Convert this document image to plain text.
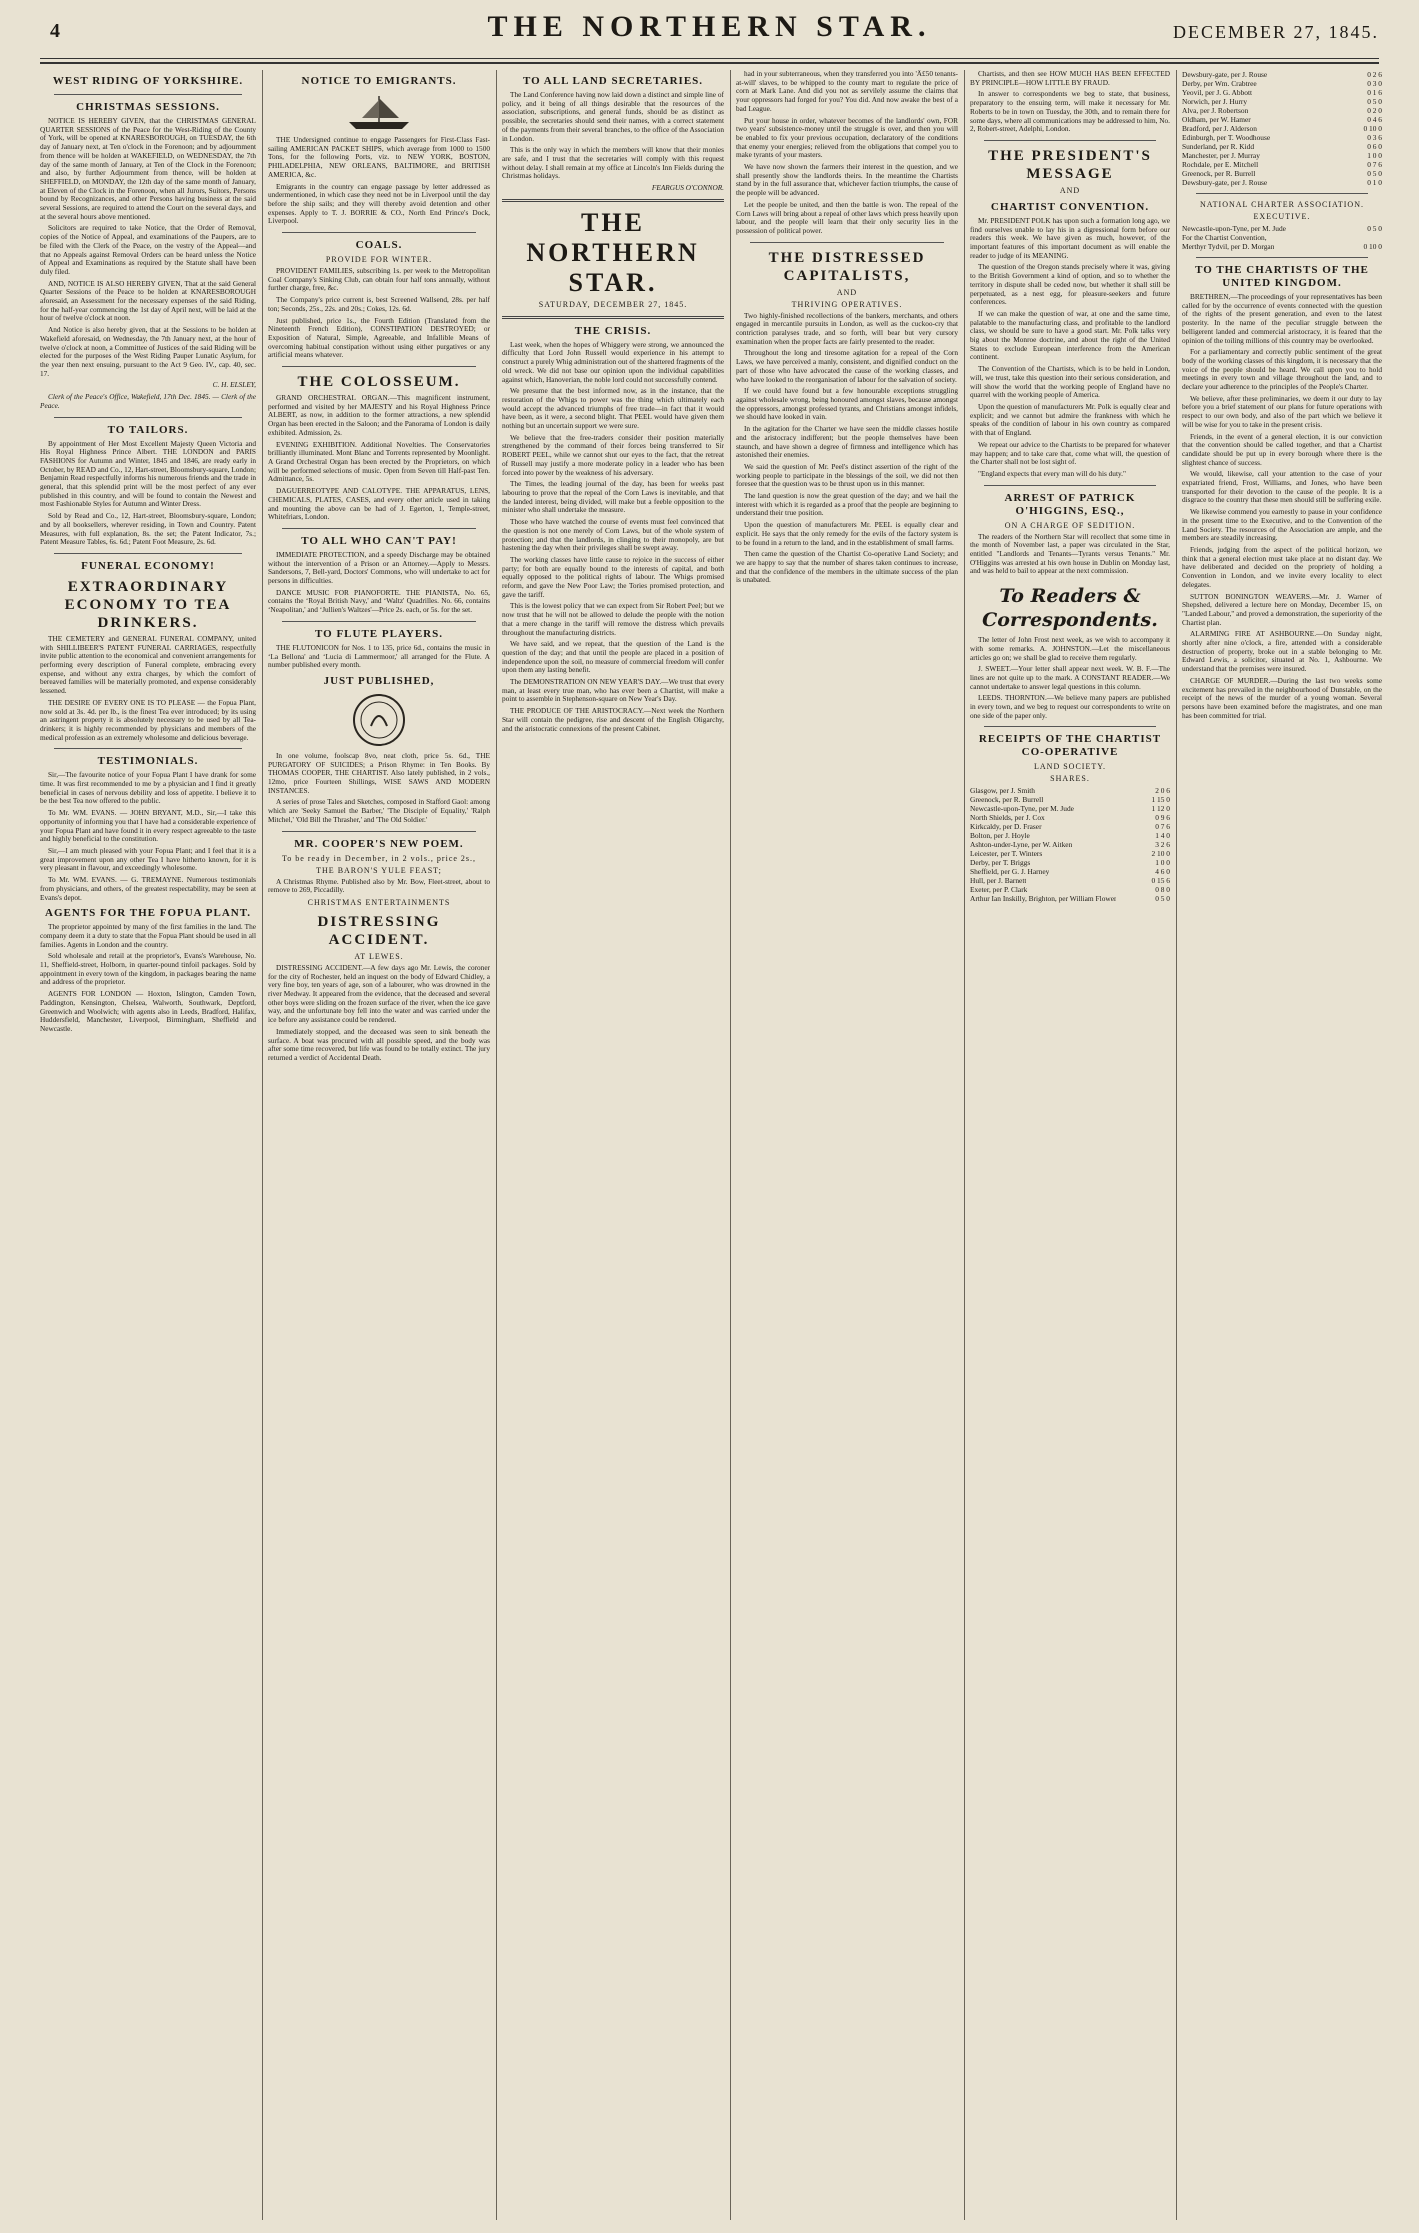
4	THE NORTHERN STAR.	DECEMBER 27, 1845.
WEST RIDING OF YORKSHIRE.
CHRISTMAS SESSIONS.

NOTICE IS HEREBY GIVEN, that the CHRISTMAS GENERAL QUARTER SESSIONS of the Peace for the West-Riding of the County of York, will be opened at KNARESBOROUGH, on TUESDAY, the 6th day of January next, at Ten o'clock in the Forenoon; and by adjournment from thence will be holden at WAKEFIELD, on WEDNESDAY, the 7th day of the same month of January, at Ten of the Clock in the Forenoon; and also, by further Adjournment from thence, will be holden at SHEFFIELD, on MONDAY, the 12th day of the same month of January, at Eleven of the Clock in the Forenoon, when all Jurors, Suitors, Persons bound by Recognizances, and other Persons having business at the said several Sessions, are required to attend the Court on the several days, and at the several hours above mentioned.

Solicitors are required to take Notice, that the Order of Removal, copies of the Notice of Appeal, and examinations of the Paupers, are to be filed with the Clerk of the Peace, on the vestry of the Appeal—and that no Appeals against Removal Orders can be heard unless the Notice of Appeal and Examinations as required by the Statute shall have been duly filed.

AND, NOTICE IS ALSO HEREBY GIVEN, That at the said General Quarter Sessions of the Peace to be holden at KNARESBOROUGH aforesaid, an Assessment for the necessary expenses of the said Riding, for the half-year commencing the 1st day of April next, will be laid at the hour of twelve o'clock at noon.

And Notice is also hereby given, that at the Sessions to be holden at Wakefield aforesaid, on Wednesday, the 7th January next, at the hour of twelve o'clock at noon, a Committee of Justices of the said Riding will be elected for the purposes of the West Riding Pauper Lunatic Asylum, for the year then next ensuing, pursuant to the Act 9 Geo. IV., cap. 40, sec. 17.

C. H. ELSLEY,

Clerk of the Peace's Office, Wakefield, 17th Dec. 1845. — Clerk of the Peace.

TO TAILORS.

By appointment of Her Most Excellent Majesty Queen Victoria and His Royal Highness Prince Albert. THE LONDON and PARIS FASHIONS for Autumn and Winter, 1845 and 1846, are ready early in October, by READ and Co., 12, Hart-street, Bloomsbury-square, London; Benjamin Read respectfully informs his numerous friends and the trade in general, that this splendid print will be the most perfect of any ever published in this country, and will be found to contain the Newest and most Fashionable Styles for Autumn and Winter Dress.

Sold by Read and Co., 12, Hart-street, Bloomsbury-square, London; and by all booksellers, wherever residing, in Town and Country. Patent Measures, with full explanation, 8s. the set; the Patent Indicator, 7s.; Patent Measure Tables, 6s. 6d.; Patent Foot Measure, 2s. 6d.

FUNERAL ECONOMY!
EXTRAORDINARY ECONOMY TO TEA DRINKERS.

THE CEMETERY and GENERAL FUNERAL COMPANY, united with SHILLIBEER'S PATENT FUNERAL CARRIAGES, respectfully invite public attention to the economical and convenient arrangements for performing every description of Funeral complete, embracing every expense, and without any extra charges, by which the comfort of bereaved families will be materially promoted, and expense considerably lessened.

THE DESIRE OF EVERY ONE IS TO PLEASE — the Fopua Plant, now sold at 3s. 4d. per lb., is the finest Tea ever introduced; by its using an astringent property it is absolutely necessary to be used by all Tea-drinkers; it is highly recommended by physicians and members of the medical profession as an extremely wholesome and delicious beverage.

TESTIMONIALS.

Sir,—The favourite notice of your Fopua Plant I have drank for some time. It was first recommended to me by a physician and I find it greatly beneficial in cases of nervous debility and loss of appetite. I believe it to be the best Tea now offered to the public.

To Mr. WM. EVANS. — JOHN BRYANT, M.D., Sir,—I take this opportunity of informing you that I have had a considerable experience of your Fopua Plant and have found it in every respect agreeable to the taste and highly beneficial to the constitution.

Sir,—I am much pleased with your Fopua Plant; and I feel that it is a great improvement upon any other Tea I have hitherto known, for it is very pleasant in flavour, and exceedingly wholesome.

To Mr. WM. EVANS. — G. TREMAYNE. Numerous testimonials from physicians, and others, of the greatest respectability, may be seen at Evans's depot.

AGENTS FOR THE FOPUA PLANT.

The proprietor appointed by many of the first families in the land. The company deem it a duty to state that the Fopua Plant should be used in all families. Agents in London and the country.

Sold wholesale and retail at the proprietor's, Evans's Warehouse, No. 11, Sheffield-street, Holborn, in quarter-pound tinfoil packages. Sold by appointment in every town of the kingdom, in packages bearing the name and address of the proprietor.

AGENTS FOR LONDON — Hoxton, Islington, Camden Town, Paddington, Kensington, Chelsea, Walworth, Southwark, Deptford, Greenwich and Woolwich; with agents also in Leeds, Bradford, Halifax, Huddersfield, Manchester, Liverpool, Birmingham, Sheffield and Newcastle.

NOTICE TO EMIGRANTS.

THE Undersigned continue to engage Passengers for First-Class Fast-sailing AMERICAN PACKET SHIPS, which average from 1000 to 1500 Tons, for the following Ports, viz. to NEW YORK, BOSTON, PHILADELPHIA, NEW ORLEANS, BALTIMORE, and BRITISH AMERICA, &c.

Emigrants in the country can engage passage by letter addressed as undermentioned, in which case they need not be in Liverpool until the day before the ship sails; and they will thereby avoid detention and other expenses. Apply to T. J. BORRIE & CO., North End Prince's Dock, Liverpool.

COALS.
PROVIDE FOR WINTER.

PROVIDENT FAMILIES, subscribing 1s. per week to the Metropolitan Coal Company's Sinking Club, can obtain four half tons annually, without further charge, free, &c.

The Company's price current is, best Screened Wallsend, 28s. per half ton; Seconds, 25s., 22s. and 20s.; Cokes, 12s. 6d.

Just published, price 1s., the Fourth Edition (Translated from the Nineteenth French Edition), CONSTIPATION DESTROYED; or Exposition of Natural, Simple, Agreeable, and Infallible Means of overcoming habitual constipation without using either purgatives or any artificial means whatever.

THE COLOSSEUM.

GRAND ORCHESTRAL ORGAN.—This magnificent instrument, performed and visited by her MAJESTY and his Royal Highness Prince ALBERT, as now, in addition to the former attractions, a new splendid Organ has been erected in the Saloon; and the Panorama of London is daily exhibited. Admission, 2s.

EVENING EXHIBITION. Additional Novelties. The Conservatories brilliantly illuminated. Mont Blanc and Torrents represented by Moonlight. A Grand Orchestral Organ has been erected by the Proprietors, on which will be performed selections of music. Open from Seven till Half-past Ten. Admittance, 5s.

DAGUERREOTYPE AND CALOTYPE. THE APPARATUS, LENS, CHEMICALS, PLATES, CASES, and every other article used in taking and mounting the above can be had of J. Egerton, 1, Temple-street, Whitefriars, London.

TO ALL WHO CAN'T PAY!

IMMEDIATE PROTECTION, and a speedy Discharge may be obtained without the intervention of a Prison or an Attorney.—Apply to Messrs. Sandersons, 7, Bell-yard, Doctors' Commons, who will undertake to act for persons in difficulties.

DANCE MUSIC FOR PIANOFORTE. THE PIANISTA, No. 65, contains the ‘Royal British Navy,' and ‘Waltz' Quadrilles. No. 66, contains ‘Neapolitan,' and ‘Jullien's Waltzes'—Price 2s. each, or 5s. for the set.

TO FLUTE PLAYERS.

THE FLUTONICON for Nos. 1 to 135, price 6d., contains the music in ‘La Bellona' and ‘Lucia di Lammermoor,' all arranged for the Flute. A number published every month.

JUST PUBLISHED,

In one volume, foolscap 8vo, neat cloth, price 5s. 6d., THE PURGATORY OF SUICIDES; a Prison Rhyme: in Ten Books. By THOMAS COOPER, THE CHARTIST. Also lately published, in 2 vols., 12mo, price Fourteen Shillings, WISE SAWS AND MODERN INSTANCES.

A series of prose Tales and Sketches, composed in Stafford Gaol: among which are 'Seeky Samuel the Barber,' 'The Disciple of Equality,' 'Ralph Mitchel,' 'Old Bill the Thrasher,' and 'The Old Soldier.'

MR. COOPER'S NEW POEM.
To be ready in December, in 2 vols., price 2s.,
THE BARON'S YULE FEAST;

A Christmas Rhyme. Published also by Mr. Bow, Fleet-street, about to remove to 269, Piccadilly.

CHRISTMAS ENTERTAINMENTS
DISTRESSING ACCIDENT.
AT LEWES.

DISTRESSING ACCIDENT.—A few days ago Mr. Lewis, the coroner for the city of Rochester, held an inquest on the body of Edward Chidley, a very fine boy, ten years of age, son of a labourer, who was drowned in the river Medway. It appeared from the evidence, that the deceased and several other boys were sliding on the frozen surface of the river, when the ice gave way, and the unfortunate boy fell into the water and was carried under the ice before any assistance could be rendered.

Immediately stopped, and the deceased was seen to sink beneath the surface. A boat was procured with all possible speed, and the body was after some time recovered, but life was found to be totally extinct. The jury returned a verdict of Accidental Death.

TO ALL LAND SECRETARIES.

The Land Conference having now laid down a distinct and simple line of policy, and it being of all things desirable that the resources of the association, subscriptions, and general funds, should be as distinct as possible, the secretaries should send their names, with a correct statement of the payments from their several branches, to the office of the Association in London.

This is the only way in which the members will know that their monies are safe, and I trust that the secretaries will comply with this request without delay. I shall remain at my office at Lincoln's Inn Fields during the Christmas holidays.

FEARGUS O'CONNOR.

THE NORTHERN STAR.
SATURDAY, DECEMBER 27, 1845.
THE CRISIS.

Last week, when the hopes of Whiggery were strong, we announced the difficulty that Lord John Russell would experience in his attempt to construct a purely Whig administration out of the shattered fragments of the old wreck. We did not base our opinion upon the individual capabilities against which, Hanoverian, the noble lord could not successfully contend.

We presume that the best informed now, as in the instance, that the restoration of the Whigs to power was the thing which ultimately each would accept the advanced triumphs of free trade—in fact that it would have been, as it were, a second blight. That PEEL would have given them nothing but an uncertain support we were sure.

We believe that the free-traders consider their position materially strengthened by the command of their forces being transferred to Sir ROBERT PEEL, while we cannot shut our eyes to the fact, that the retreat of Russell may justify a more moderate policy in a leader who has been forced into power by the weakness of his adversary.

The Times, the leading journal of the day, has been for weeks past labouring to prove that the repeal of the Corn Laws is inevitable, and that the landed interest, being divided, will make but a feeble opposition to the minister who shall undertake the measure.

Those who have watched the course of events must feel convinced that the question is not one merely of Corn Laws, but of the whole system of protection; and that the landlords, in clinging to their monopoly, are but hastening the day when their privileges shall be swept away.

The working classes have little cause to rejoice in the success of either party; for both are equally bound to the interests of capital, and both equally opposed to the political rights of labour. The Whigs promised reform, and gave the New Poor Law; the Tories promised protection, and gave the tariff.

This is the lowest policy that we can expect from Sir Robert Peel; but we now trust that he will not be allowed to delude the people with the notion that a mere change in the tariff will remove the distress which prevails throughout the manufacturing districts.

We have said, and we repeat, that the question of the Land is the question of the day; and that until the people are placed in a position of independence upon the soil, no measure of commercial freedom will confer upon them any lasting benefit.

The DEMONSTRATION ON NEW YEAR'S DAY.—We trust that every man, at least every true man, who has ever been a Chartist, will make a point to assemble in Stephenson-square on New Year's Day.

THE PRODUCE OF THE ARISTOCRACY.—Next week the Northern Star will contain the pedigree, rise and descent of the English Oligarchy, and the aristocratic connexions of the present Cabinet.

had in your subterraneous, when they transferred you into 'Â£50 tenants-at-will' slaves, to be whipped to the county mart to regulate the price of corn at Mark Lane. And did you not as servilely assume the claims that your oppressors had forged for you? You did. And now awake the best of a bad League.

Put your house in order, whatever becomes of the landlords' own, FOR two years' subsistence-money until the struggle is over, and then you will be enabled to fix your previous occupation, declaratory of the conditions that enemy your energies; relieved from the obligations that compel you to make tyrants of your masters.

We have now shown the farmers their interest in the question, and we shall presently show the landlords theirs. In the meantime the Chartists stand by in the full assurance that, whichever faction triumphs, the cause of the people will be advanced.

Let the people be united, and then the battle is won. The repeal of the Corn Laws will bring about a repeal of other laws which press heavily upon labour, and the people will learn that their only security lies in the possession of political power.

THE DISTRESSED CAPITALISTS,
AND
THRIVING OPERATIVES.

Two highly-finished recollections of the bankers, merchants, and others engaged in mercantile pursuits in London, as well as the cuckoo-cry that contriction paralyses trade, and so forth, will bear but very cursory examination when the proper facts are fairly presented to the reader.

Throughout the long and tiresome agitation for a repeal of the Corn Laws, we have perceived a manly, consistent, and dignified conduct on the part of those who have advocated the cause of the working classes, and who have looked to the reorganisation of labour for the salvation of society.

If we could have found but a few honourable exceptions struggling against wholesale wrong, being honoured amongst slaves, because amongst the oppressors, amongst professed tyrants, and Christians amongst infidels, we should have looked in vain.

In the agitation for the Charter we have seen the middle classes hostile and the aristocracy indifferent; but the people themselves have been staunch, and have shown a degree of firmness and intelligence which has astonished their enemies.

We said the question of Mr. Peel's distinct assertion of the right of the working people to participate in the blessings of the soil, we did not then foresee that the question was to be thrust upon us in this manner.

The land question is now the great question of the day; and we hail the interest with which it is regarded as a proof that the people are beginning to understand their true position.

Upon the question of manufacturers Mr. PEEL is equally clear and explicit. He says that the only remedy for the evils of the factory system is to be found in a return to the land, and in the establishment of small farms.

Then came the question of the Chartist Co-operative Land Society; and we are happy to say that the number of shares taken continues to increase, and that the confidence of the members in the ultimate success of the plan is unabated.

Chartists, and then see HOW MUCH HAS BEEN EFFECTED BY PRINCIPLE—HOW LITTLE BY FRAUD.

In answer to correspondents we beg to state, that business, preparatory to the ensuing term, will make it necessary for Mr. Roberts to be in town on Tuesday, the 30th, and to remain there for some days, where all communications may be addressed to him, No. 2, Robert-street, Adelphi, London.

THE PRESIDENT'S MESSAGE
AND
CHARTIST CONVENTION.

Mr. PRESIDENT POLK has upon such a formation long ago, we find ourselves unable to lay his in a digressional form before our readers this week. We have given as much, however, of the important features of this important document as will enable the reader to judge of its MEANING.

The question of the Oregon stands precisely where it was, giving to the British Government a kind of option, and so to whether the territory in dispute shall be ceded now, but whether it shall still be perpetuated, as a nest egg, for pleasure-seekers and future conferences.

If we can make the question of war, at one and the same time, palatable to the manufacturing class, and profitable to the landlord class, we should be sure to have a good start. Mr. Polk talks very big about the Monroe doctrine, and about the right of the United States to exclude European interference from the American continent.

The Convention of the Chartists, which is to be held in London, will, we trust, take this question into their serious consideration, and will show the world that the working people of England have no quarrel with the working people of America.

Upon the question of manufacturers Mr. Polk is equally clear and explicit; and we cannot but admire the frankness with which he speaks of the condition of labour in his own country as compared with that of England.

We repeat our advice to the Chartists to be prepared for whatever may happen; and to take care that, come what will, the question of the Charter shall not be lost sight of.

"England expects that every man will do his duty."

ARREST OF PATRICK O'HIGGINS, ESQ.,
ON A CHARGE OF SEDITION.

The readers of the Northern Star will recollect that some time in the month of November last, a paper was circulated in the Star, entitled "Landlords and Tenants—Tyrants versus Tenants." Mr. O'Higgins was arrested at his own house in Dublin on Monday last, and was held to bail to appear at the next commission.

To Readers & Correspondents.

The letter of John Frost next week, as we wish to accompany it with some remarks. A. JOHNSTON.—Let the miscellaneous articles go on; we shall be glad to receive them regularly.

J. SWEET.—Your letter shall appear next week. W. B. F.—The lines are not quite up to the mark. A CONSTANT READER.—We cannot undertake to answer legal questions in this column.

LEEDS. THORNTON.—We believe many papers are published in every town, and we beg to request our correspondents to write on one side of the paper only.

RECEIPTS OF THE CHARTIST CO-OPERATIVE
LAND SOCIETY.
SHARES.
Glasgow, per J. Smith	2 0 6
Greenock, per R. Burrell	1 15 0
Newcastle-upon-Tyne, per M. Jude	1 12 0
North Shields, per J. Cox	0 9 6
Kirkcaldy, per D. Fraser	0 7 6
Bolton, per J. Hoyle	1 4 0
Ashton-under-Lyne, per W. Aitken	3 2 6
Leicester, per T. Winters	2 10 0
Derby, per T. Briggs	1 0 0
Sheffield, per G. J. Harney	4 6 0
Hull, per J. Barnett	0 15 6
Exeter, per P. Clark	0 8 0
Arthur Ian Inskilly, Brighton, per William Flower	0 5 0
Dewsbury-gate, per J. Rouse	0 2 6
Derby, per Wm. Crabtree	0 3 0
Yeovil, per J. G. Abbott	0 1 6
Norwich, per J. Hurry	0 5 0
Alva, per J. Robertson	0 2 0
Oldham, per W. Hamer	0 4 6
Bradford, per J. Alderson	0 10 0
Edinburgh, per T. Woodhouse	0 3 6
Sunderland, per R. Kidd	0 6 0
Manchester, per J. Murray	1 0 0
Rochdale, per E. Mitchell	0 7 6
Greenock, per R. Burrell	0 5 0
Dewsbury-gate, per J. Rouse	0 1 0
NATIONAL CHARTER ASSOCIATION.
EXECUTIVE.
Newcastle-upon-Tyne, per M. Jude	0 5 0
For the Chartist Convention,
Merthyr Tydvil, per D. Morgan	0 10 0
TO THE CHARTISTS OF THE UNITED KINGDOM.

BRETHREN,—The proceedings of your representatives has been called for by the occurrence of events connected with the question of the rights of the present generation, and even to the latest posterity. In the name of the peculiar struggle between the belligerent landed and commercial aristocracy, it is feared that the opinion of the toiling millions of this country may be overlooked.

For a parliamentary and correctly public sentiment of the great body of the working classes of this kingdom, it is necessary that the voice of the people should be heard. We call upon you to hold meetings in every town and village throughout the land, and to declare your adherence to the principles of the People's Charter.

We believe, after these preliminaries, we deem it our duty to lay before you a brief statement of our plans for future operations with respect to our own body, and also of the part which we believe it will be wise for you to take in the present crisis.

Friends, in the event of a general election, it is our conviction that the convention should be called together, and that a Chartist candidate should be put up in every borough where there is the slightest chance of success.

We would, likewise, call your attention to the case of your expatriated friend, Frost, Williams, and Jones, who have been transported for their devotion to the cause of the people. It is a disgrace to the country that these men should still be suffering exile.

We likewise commend you earnestly to pause in your confidence in the present time to the Executive, and to the Convention of the Land Society. The resources of the Association are ample, and the members are steadily increasing.

Friends, judging from the aspect of the political horizon, we think that a general election must take place at no distant day. We have deliberated and decided on the propriety of holding a Convention in London, and we invite every locality to elect delegates.

SUTTON BONINGTON WEAVERS.—Mr. J. Warner of Shepshed, delivered a lecture here on Monday, December 15, on "Landed Labour," and proved a demonstration, the superiority of the Chartist plan.

ALARMING FIRE AT ASHBOURNE.—On Sunday night, shortly after nine o'clock, a fire, attended with a considerable destruction of property, broke out in a stable belonging to Mr. Edward Lewis, a solicitor, situated at No. 1, Ashbourne. We understand that the premises were insured.

CHARGE OF MURDER.—During the last two weeks some excitement has prevailed in the neighbourhood of Dunstable, on the receipt of the news of the murder of a young woman. Several persons have been examined before the magistrates, and one man has been committed for trial.
